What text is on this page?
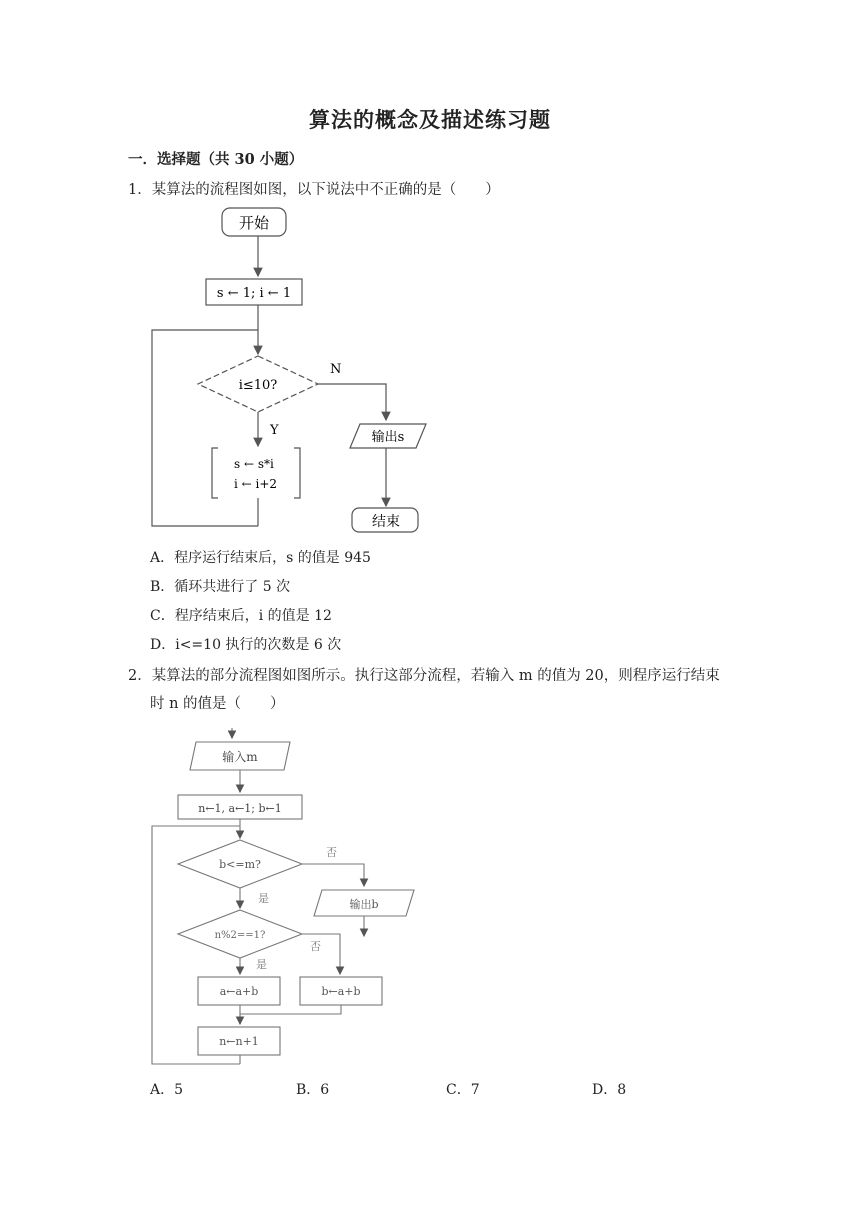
算法的概念及描述练习题
一．选择题（共 30 小题）
1．某算法的流程图如图，以下说法中不正确的是（　　）
开始
s ← 1; i ← 1
i≤10?
N
Y	输出s
结束
s ← s*i
i ← i+2
输入m
n←1, a←1; b←1
b<=m?
否
输出b
是
n%2==1?
是
否
a←a+b	b←a+b
n←n+1
A．程序运行结束后，s 的值是 945
B．循环共进行了 5 次
C．程序结束后，i 的值是 12
D．i<=10 执行的次数是 6 次
2．某算法的部分流程图如图所示。执行这部分流程，若输入 m 的值为 20，则程序运行结束
时 n 的值是（　　）
A．5	B．6	C．7	D．8
